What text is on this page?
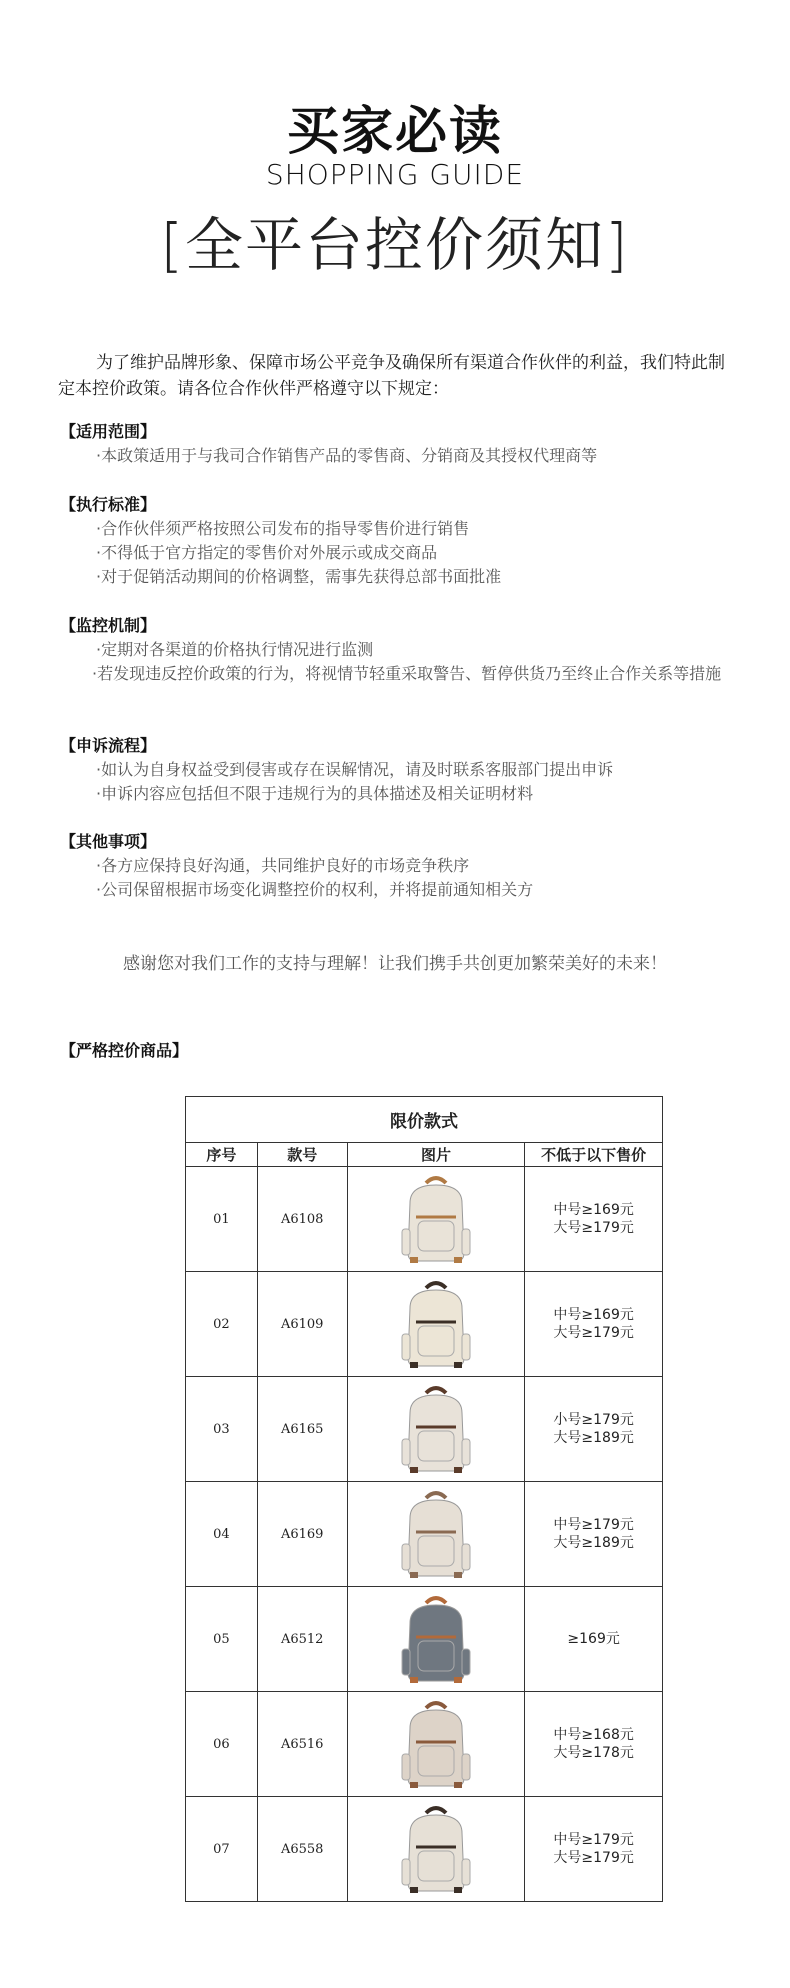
买家必读
SHOPPING GUIDE
[全平台控价须知]

为了维护品牌形象、保障市场公平竞争及确保所有渠道合作伙伴的利益，我们特此制定本控价政策。请各位合作伙伴严格遵守以下规定：

【适用范围】
·本政策适用于与我司合作销售产品的零售商、分销商及其授权代理商等
【执行标准】
·合作伙伴须严格按照公司发布的指导零售价进行销售
·不得低于官方指定的零售价对外展示或成交商品
·对于促销活动期间的价格调整，需事先获得总部书面批准
【监控机制】
·定期对各渠道的价格执行情况进行监测
·若发现违反控价政策的行为，将视情节轻重采取警告、暂停供货乃至终止合作关系等措施
【申诉流程】
·如认为自身权益受到侵害或存在误解情况，请及时联系客服部门提出申诉
·申诉内容应包括但不限于违规行为的具体描述及相关证明材料
【其他事项】
·各方应保持良好沟通，共同维护良好的市场竞争秩序
·公司保留根据市场变化调整控价的权利，并将提前通知相关方
感谢您对我们工作的支持与理解！让我们携手共创更加繁荣美好的未来！
【严格控价商品】
限价款式			
序号	款号	图片	不低于以下售价
01	A6108		中号≥169元
大号≥179元

02	A6109		中号≥169元
大号≥179元

03	A6165		小号≥179元
大号≥189元

04	A6169		中号≥179元
大号≥189元

05	A6512		≥169元

06	A6516		中号≥168元
大号≥178元

07	A6558		中号≥179元
大号≥179元
